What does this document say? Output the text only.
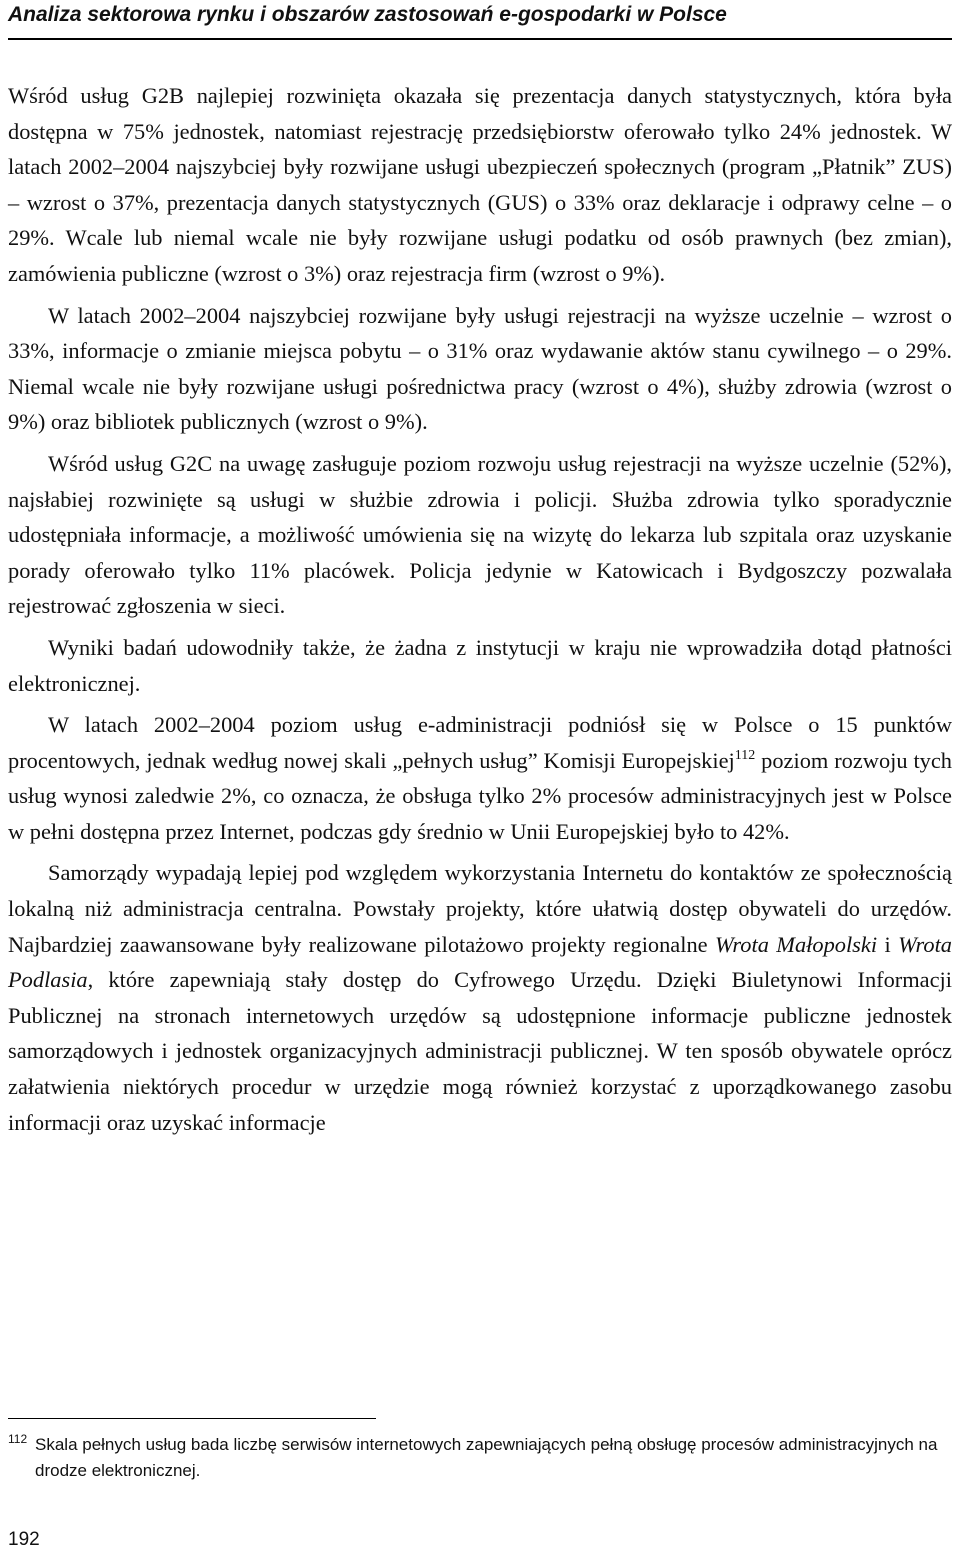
Analiza sektorowa rynku i obszarów zastosowań e-gospodarki w Polsce

Wśród usług G2B najlepiej rozwinięta okazała się prezentacja danych statystycznych, która była dostępna w 75% jednostek, natomiast rejestrację przedsiębiorstw oferowało tylko 24% jednostek. W latach 2002–2004 najszybciej były rozwijane usługi ubezpieczeń społecznych (program „Płatnik” ZUS) – wzrost o 37%, prezentacja danych statystycznych (GUS) o 33% oraz deklaracje i odprawy celne – o 29%. Wcale lub niemal wcale nie były rozwijane usługi podatku od osób prawnych (bez zmian), zamówienia publiczne (wzrost o 3%) oraz rejestracja firm (wzrost o 9%).

W latach 2002–2004 najszybciej rozwijane były usługi rejestracji na wyższe uczelnie – wzrost o 33%, informacje o zmianie miejsca pobytu – o 31% oraz wydawanie aktów stanu cywilnego – o 29%. Niemal wcale nie były rozwijane usługi pośrednictwa pracy (wzrost o 4%), służby zdrowia (wzrost o 9%) oraz bibliotek publicznych (wzrost o 9%).

Wśród usług G2C na uwagę zasługuje poziom rozwoju usług rejestracji na wyższe uczelnie (52%), najsłabiej rozwinięte są usługi w służbie zdrowia i policji. Służba zdrowia tylko sporadycznie udostępniała informacje, a możliwość umówienia się na wizytę do lekarza lub szpitala oraz uzyskanie porady oferowało tylko 11% placówek. Policja jedynie w Katowicach i Bydgoszczy pozwalała rejestrować zgłoszenia w sieci.

Wyniki badań udowodniły także, że żadna z instytucji w kraju nie wprowadziła dotąd płatności elektronicznej.

W latach 2002–2004 poziom usług e-administracji podniósł się w Polsce o 15 punktów procentowych, jednak według nowej skali „pełnych usług” Komisji Europejskiej$^{112}$ poziom rozwoju tych usług wynosi zaledwie 2%, co oznacza, że obsługa tylko 2% procesów administracyjnych jest w Polsce w pełni dostępna przez Internet, podczas gdy średnio w Unii Europejskiej było to 42%.

Samorządy wypadają lepiej pod względem wykorzystania Internetu do kontaktów ze społecznością lokalną niż administracja centralna. Powstały projekty, które ułatwią dostęp obywateli do urzędów. Najbardziej zaawansowane były realizowane pilotażowo projekty regionalne Wrota Małopolski i Wrota Podlasia, które zapewniają stały dostęp do Cyfrowego Urzędu. Dzięki Biuletynowi Informacji Publicznej na stronach internetowych urzędów są udostępnione informacje publiczne jednostek samorządowych i jednostek organizacyjnych administracji publicznej. W ten sposób obywatele oprócz załatwienia niektórych procedur w urzędzie mogą również korzystać z uporządkowanego zasobu informacji oraz uzyskać informacje

112 Skala pełnych usług bada liczbę serwisów internetowych zapewniających pełną obsługę procesów administracyjnych na drodze elektronicznej.
192
